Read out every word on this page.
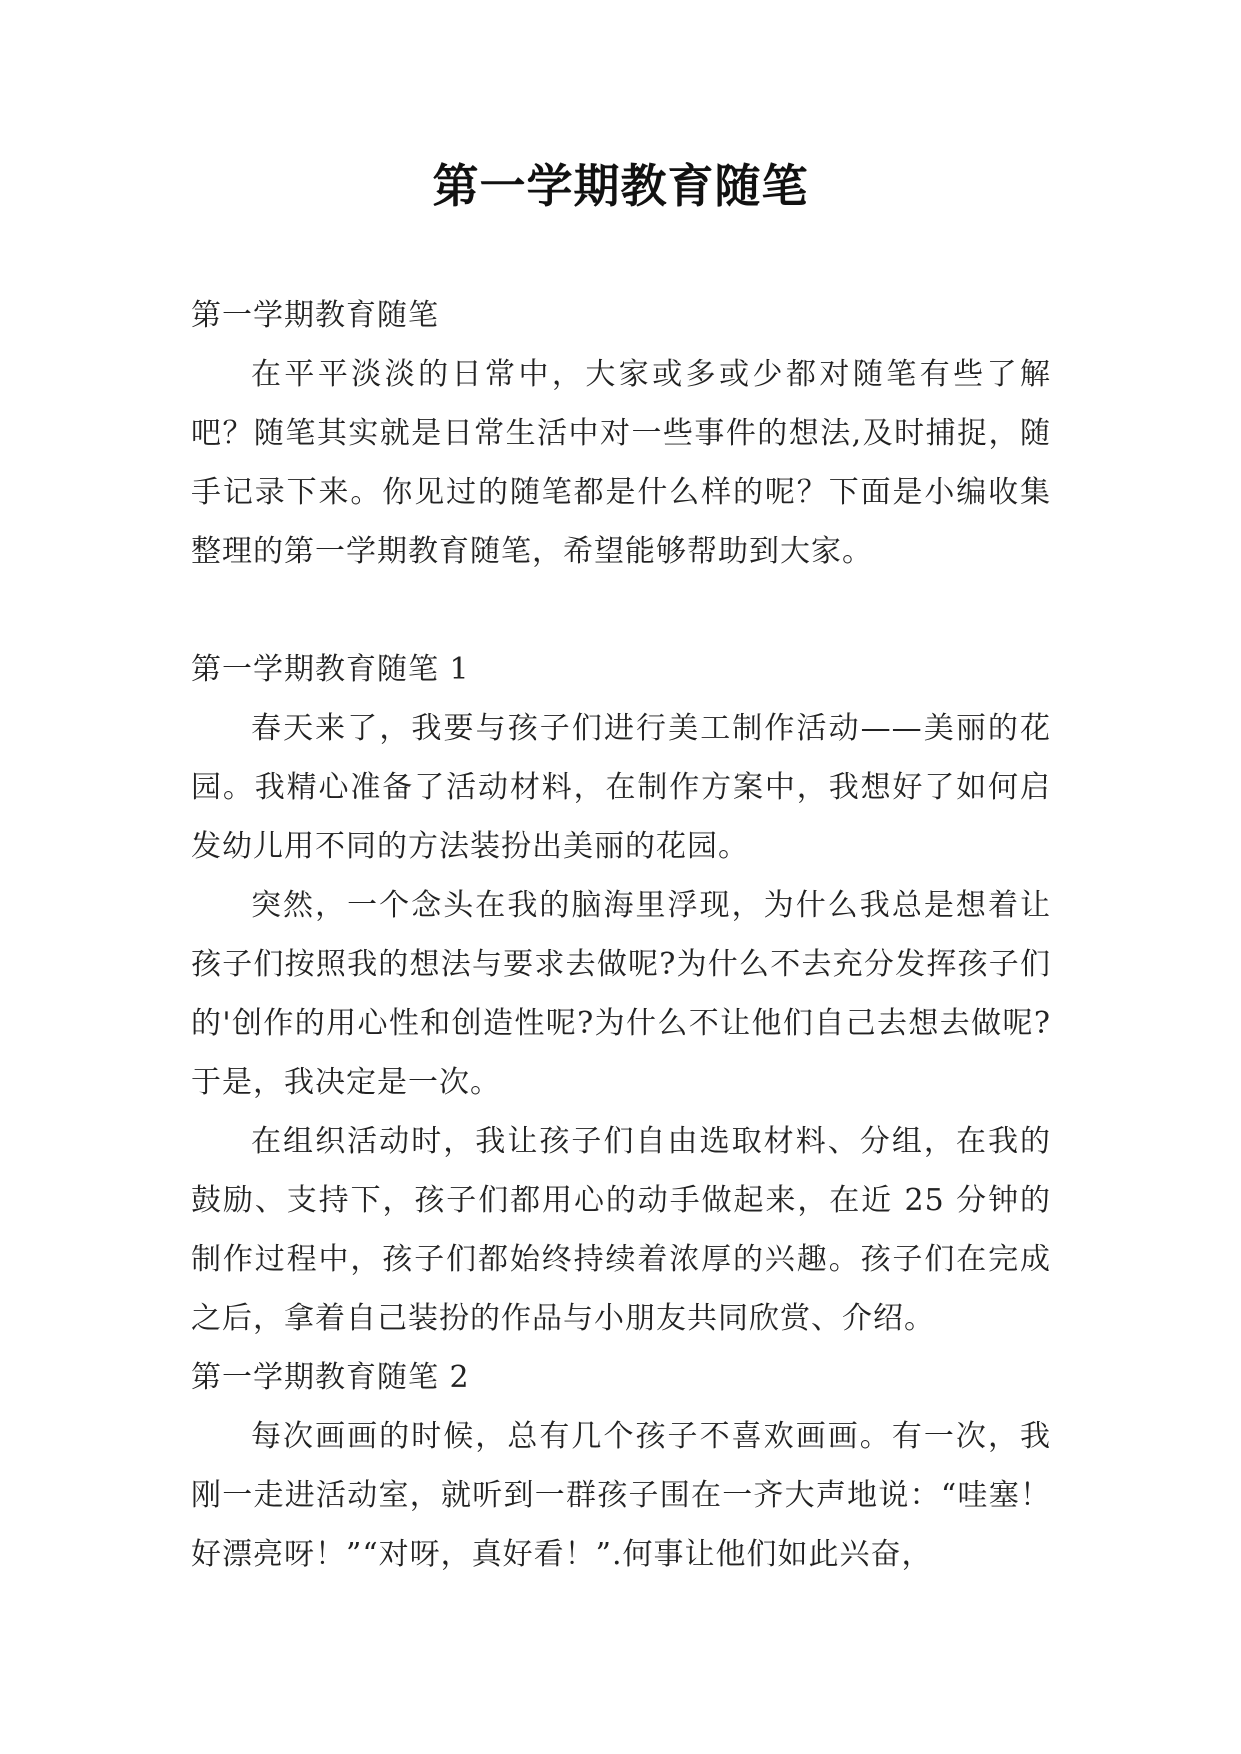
第一学期教育随笔

第一学期教育随笔

在平平淡淡的日常中，大家或多或少都对随笔有些了解吧？随笔其实就是日常生活中对一些事件的想法,及时捕捉，随手记录下来。你见过的随笔都是什么样的呢？下面是小编收集整理的第一学期教育随笔，希望能够帮助到大家。

第一学期教育随笔 1

春天来了，我要与孩子们进行美工制作活动——美丽的花园。我精心准备了活动材料，在制作方案中，我想好了如何启发幼儿用不同的方法装扮出美丽的花园。

突然，一个念头在我的脑海里浮现，为什么我总是想着让孩子们按照我的想法与要求去做呢?为什么不去充分发挥孩子们的'创作的用心性和创造性呢?为什么不让他们自己去想去做呢?于是，我决定是一次。

在组织活动时，我让孩子们自由选取材料、分组，在我的鼓励、支持下，孩子们都用心的动手做起来，在近 25 分钟的制作过程中，孩子们都始终持续着浓厚的兴趣。孩子们在完成之后，拿着自己装扮的作品与小朋友共同欣赏、介绍。

第一学期教育随笔 2

每次画画的时候，总有几个孩子不喜欢画画。有一次，我刚一走进活动室，就听到一群孩子围在一齐大声地说：“哇塞！好漂亮呀！”“对呀，真好看！”.何事让他们如此兴奋，
